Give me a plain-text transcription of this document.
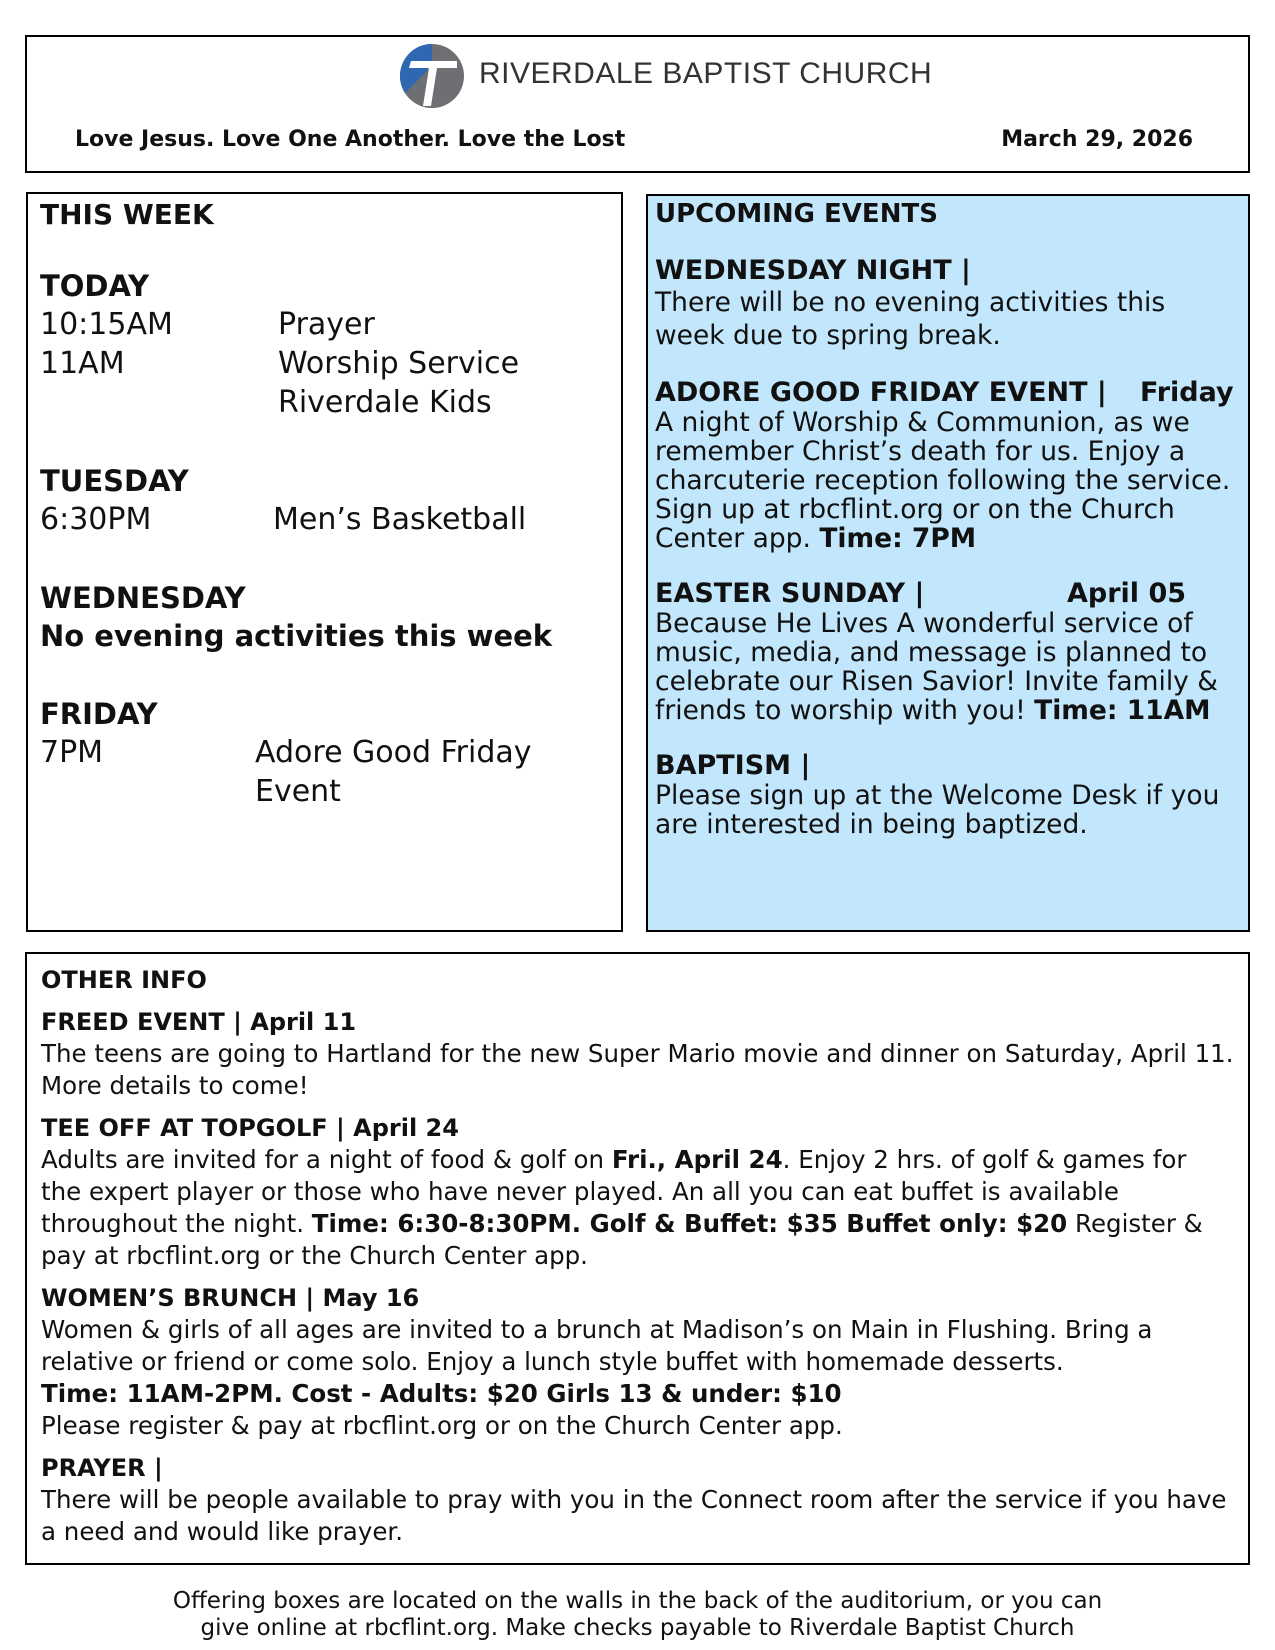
RIVERDALE BAPTIST CHURCH
Love Jesus. Love One Another. Love the Lost	March 29, 2026
THIS WEEK
TODAY
10:15AM	Prayer
11AM	Worship Service
Riverdale Kids
TUESDAY
6:30PM	Men’s Basketball
WEDNESDAY
No evening activities this week
FRIDAY
7PM	Adore Good Friday Event
UPCOMING EVENTS
WEDNESDAY NIGHT |
There will be no evening activities this week due to spring break.
ADORE GOOD FRIDAY EVENT | Friday
A night of Worship & Communion, as we remember Christ’s death for us. Enjoy a charcuterie reception following the service. Sign up at rbcflint.org or on the Church Center app. Time: 7PM
EASTER SUNDAY |	April 05
Because He Lives A wonderful service of music, media, and message is planned to celebrate our Risen Savior! Invite family & friends to worship with you! Time: 11AM
BAPTISM |
Please sign up at the Welcome Desk if you are interested in being baptized.
OTHER INFO
FREED EVENT | April 11
The teens are going to Hartland for the new Super Mario movie and dinner on Saturday, April 11. More details to come!
TEE OFF AT TOPGOLF | April 24
Adults are invited for a night of food & golf on Fri., April 24. Enjoy 2 hrs. of golf & games for the expert player or those who have never played. An all you can eat buffet is available throughout the night. Time: 6:30-8:30PM. Golf & Buffet: $35 Buffet only: $20 Register & pay at rbcflint.org or the Church Center app.
WOMEN’S BRUNCH | May 16
Women & girls of all ages are invited to a brunch at Madison’s on Main in Flushing. Bring a relative or friend or come solo. Enjoy a lunch style buffet with homemade desserts.
Time: 11AM-2PM. Cost - Adults: $20 Girls 13 & under: $10
Please register & pay at rbcflint.org or on the Church Center app.
PRAYER |
There will be people available to pray with you in the Connect room after the service if you have a need and would like prayer.
Offering boxes are located on the walls in the back of the auditorium, or you can
give online at rbcflint.org. Make checks payable to Riverdale Baptist Church
